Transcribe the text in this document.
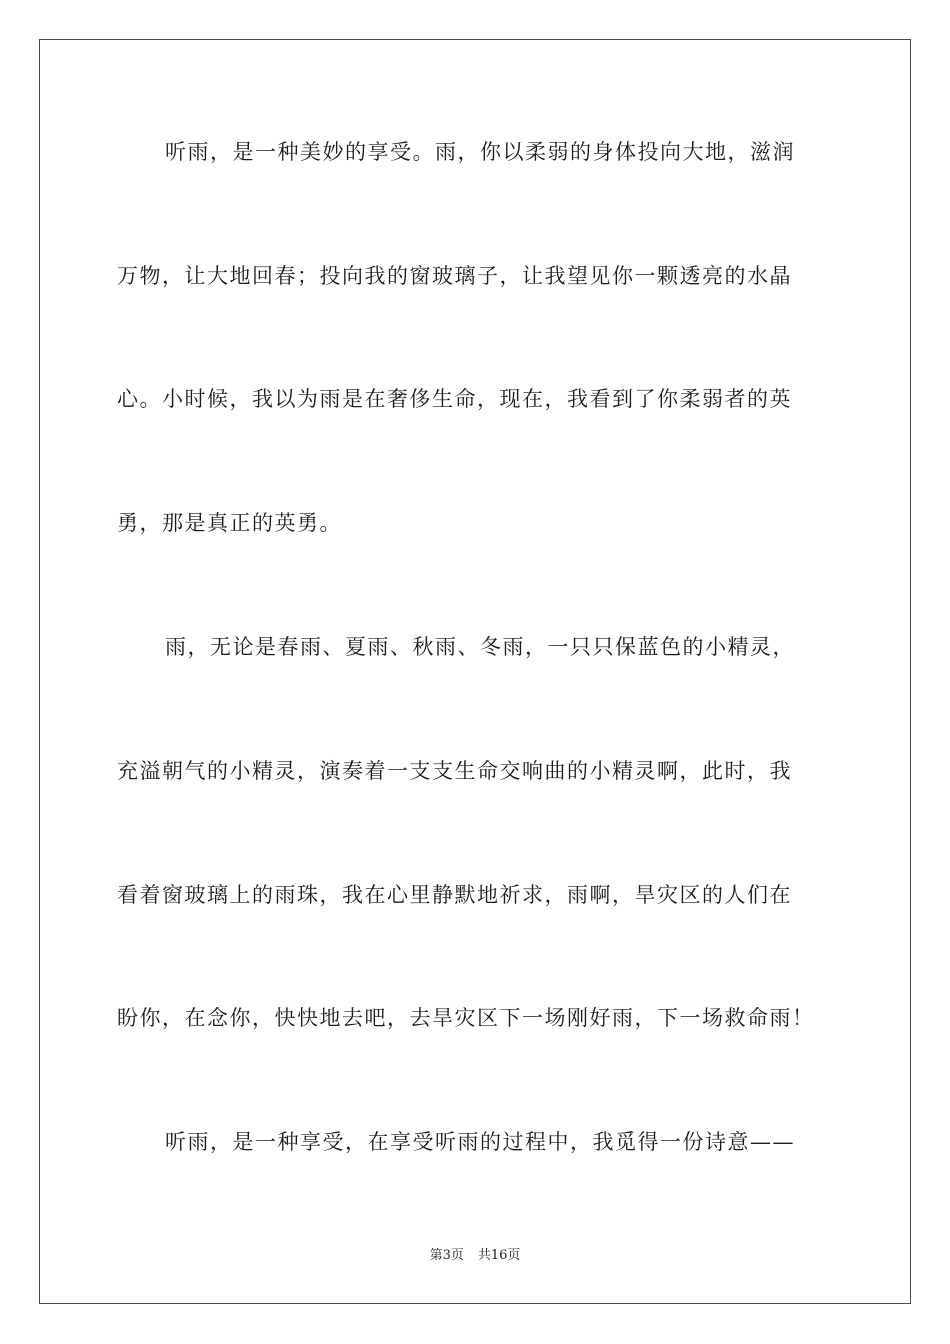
听雨，是一种美妙的享受。雨，你以柔弱的身体投向大地，滋润
万物，让大地回春；投向我的窗玻璃子，让我望见你一颗透亮的水晶
心。小时候，我以为雨是在奢侈生命，现在，我看到了你柔弱者的英
勇，那是真正的英勇。
雨，无论是春雨、夏雨、秋雨、冬雨，一只只保蓝色的小精灵，
充溢朝气的小精灵，演奏着一支支生命交响曲的小精灵啊，此时，我
看着窗玻璃上的雨珠，我在心里静默地祈求，雨啊，旱灾区的人们在
盼你，在念你，快快地去吧，去旱灾区下一场刚好雨，下一场救命雨！
听雨，是一种享受，在享受听雨的过程中，我觅得一份诗意——
第3页 共16页
